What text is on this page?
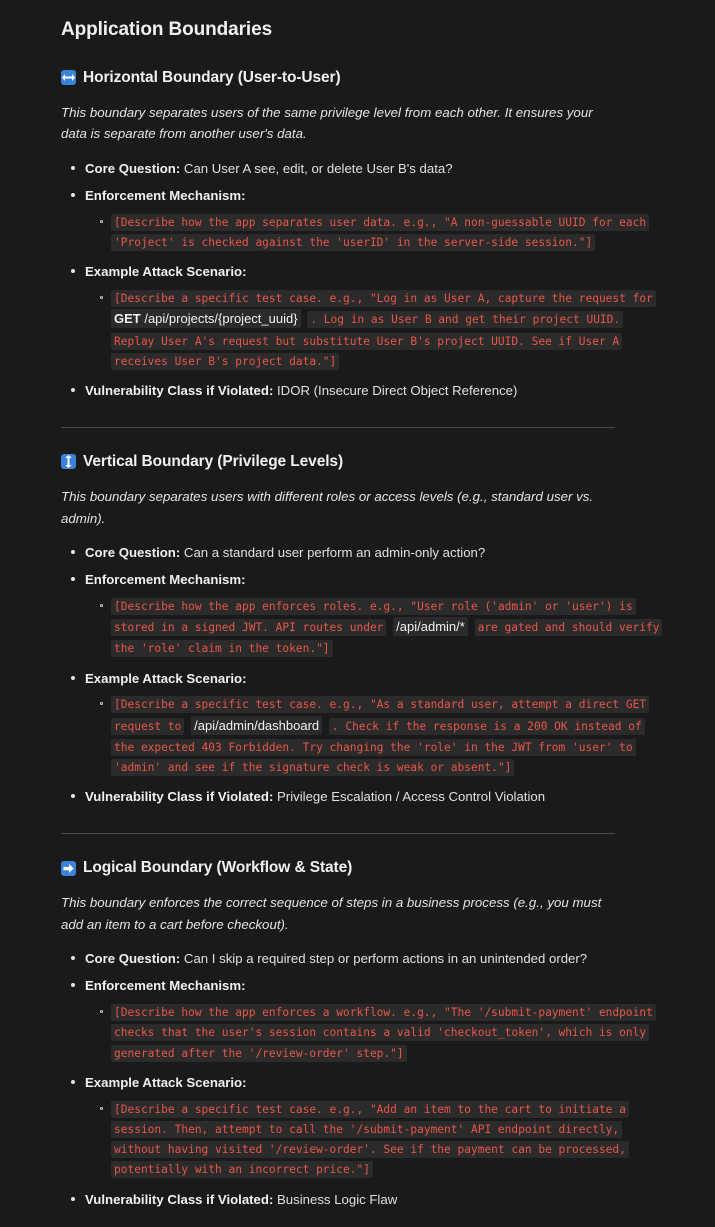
Application Boundaries
Horizontal Boundary (User-to-User)

This boundary separates users of the same privilege level from each other. It ensures your data is separate from another user's data.

Core Question: Can User A see, edit, or delete User B's data?
Enforcement Mechanism:
[Describe how the app separates user data. e.g., "A non-guessable UUID for each 'Project' is checked against the 'userID' in the server-side session."]
Example Attack Scenario:
[Describe a specific test case. e.g., "Log in as User A, capture the request for GET /api/projects/{project_uuid} . Log in as User B and get their project UUID. Replay User A's request but substitute User B's project UUID. See if User A receives User B's project data."]
Vulnerability Class if Violated: IDOR (Insecure Direct Object Reference)
Vertical Boundary (Privilege Levels)

This boundary separates users with different roles or access levels (e.g., standard user vs. admin).

Core Question: Can a standard user perform an admin-only action?
Enforcement Mechanism:
[Describe how the app enforces roles. e.g., "User role ('admin' or 'user') is stored in a signed JWT. API routes under /api/admin/* are gated and should verify the 'role' claim in the token."]
Example Attack Scenario:
[Describe a specific test case. e.g., "As a standard user, attempt a direct GET request to /api/admin/dashboard . Check if the response is a 200 OK instead of the expected 403 Forbidden. Try changing the 'role' in the JWT from 'user' to 'admin' and see if the signature check is weak or absent."]
Vulnerability Class if Violated: Privilege Escalation / Access Control Violation
Logical Boundary (Workflow & State)

This boundary enforces the correct sequence of steps in a business process (e.g., you must add an item to a cart before checkout).

Core Question: Can I skip a required step or perform actions in an unintended order?
Enforcement Mechanism:
[Describe how the app enforces a workflow. e.g., "The '/submit-payment' endpoint checks that the user's session contains a valid 'checkout_token', which is only generated after the '/review-order' step."]
Example Attack Scenario:
[Describe a specific test case. e.g., "Add an item to the cart to initiate a session. Then, attempt to call the '/submit-payment' API endpoint directly, without having visited '/review-order'. See if the payment can be processed, potentially with an incorrect price."]
Vulnerability Class if Violated: Business Logic Flaw
